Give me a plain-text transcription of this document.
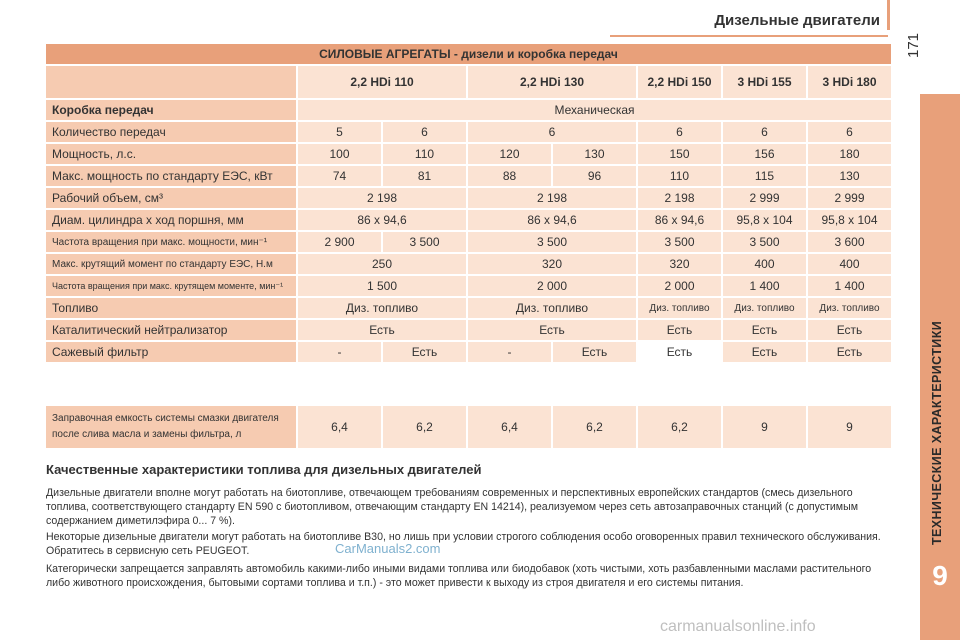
Дизельные двигатели
171
ТЕХНИЧЕСКИЕ ХАРАКТЕРИСТИКИ
9
СИЛОВЫЕ АГРЕГАТЫ - дизели и коробка передач							
	2,2 HDi 110		2,2 HDi 130		2,2 HDi 150	3 HDi 155	3 HDi 180
Коробка передач	Механическая						
Количество передач	5	6	6		6	6	6
Мощность, л.с.	100	110	120	130	150	156	180
Макс. мощность по стандарту ЕЭС, кВт	74	81	88	96	110	115	130
Рабочий объем, см³	2 198		2 198		2 198	2 999	2 999
Диам. цилиндра х ход поршня, мм	86 x 94,6		86 x 94,6		86 x 94,6	95,8 x 104	95,8 x 104
Частота вращения при макс. мощности, мин⁻¹	2 900	3 500	3 500		3 500	3 500	3 600
Макс. крутящий момент по стандарту ЕЭС, Н.м	250		320		320	400	400
Частота вращения при макс. крутящем моменте, мин⁻¹	1 500		2 000		2 000	1 400	1 400
Топливо	Диз. топливо		Диз. топливо		Диз. топливо	Диз. топливо	Диз. топливо
Каталитический нейтрализатор	Есть		Есть		Есть	Есть	Есть
Сажевый фильтр	-	Есть	-	Есть	Есть	Есть	Есть
Заправочная емкость системы смазки двигателя
после слива масла и замены фильтра, л
	6,4	6,2	6,4	6,2	6,2	9	9
Качественные характеристики топлива для дизельных двигателей
Дизельные двигатели вполне могут работать на биотопливе, отвечающем требованиям современных и перспективных европейских стандартов (смесь дизельного топлива, соответствующего стандарту EN 590 с биотопливом, отвечающим стандарту EN 14214), реализуемом через сеть автозаправочных станций (с допустимым содержанием диметилэфира 0... 7 %).
Некоторые дизельные двигатели могут работать на биотопливе B30, но лишь при условии строгого соблюдения особо оговоренных правил технического обслуживания. Обратитесь в сервисную сеть PEUGEOT.
Категорически запрещается заправлять автомобиль какими-либо иными видами топлива или биодобавок (хоть чистыми, хоть разбавленными маслами растительного либо животного происхождения, бытовыми сортами топлива и т.п.) - это может привести к выходу из строя двигателя и его системы питания.
CarManuals2.com
carmanualsonline.info
